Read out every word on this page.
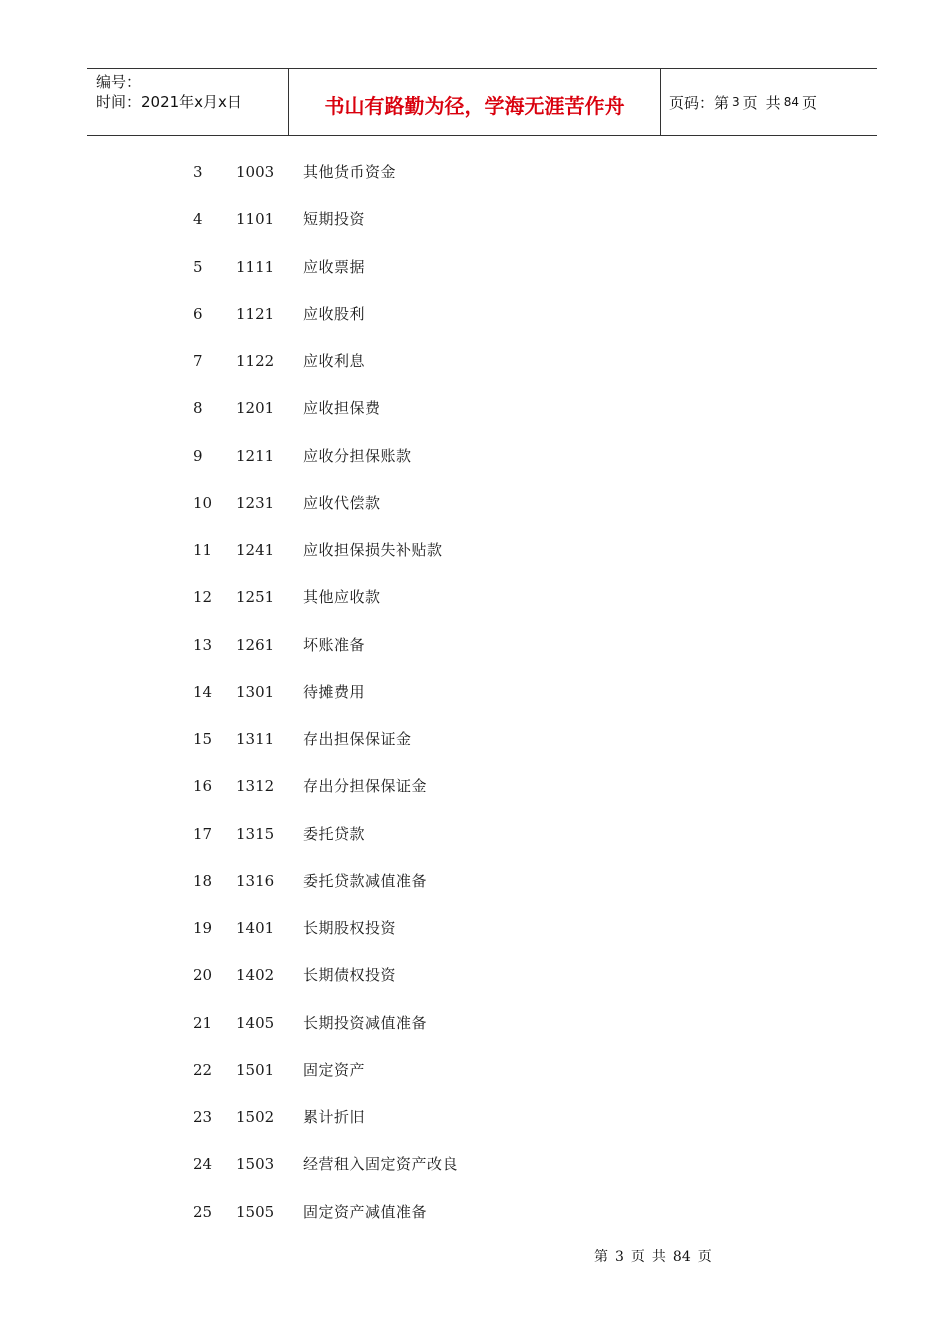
编号：
时间：2021年x月x日	书山有路勤为径，学海无涯苦作舟	页码：第 3 页 共 84 页
3	1003 其他货币资金
4	1101 短期投资
5	1111 应收票据
6	1121 应收股利
7	1122 应收利息
8	1201 应收担保费
9	1211 应收分担保账款
10	1231 应收代偿款
11	1241 应收担保损失补贴款
12	1251 其他应收款
13	1261 坏账准备
14	1301 待摊费用
15	1311 存出担保保证金
16	1312 存出分担保保证金
17	1315 委托贷款
18	1316 委托贷款减值准备
19	1401 长期股权投资
20	1402 长期债权投资
21	1405 长期投资减值准备
22	1501 固定资产
23	1502 累计折旧
24	1503 经营租入固定资产改良
25	1505 固定资产减值准备
第 3 页 共 84 页
